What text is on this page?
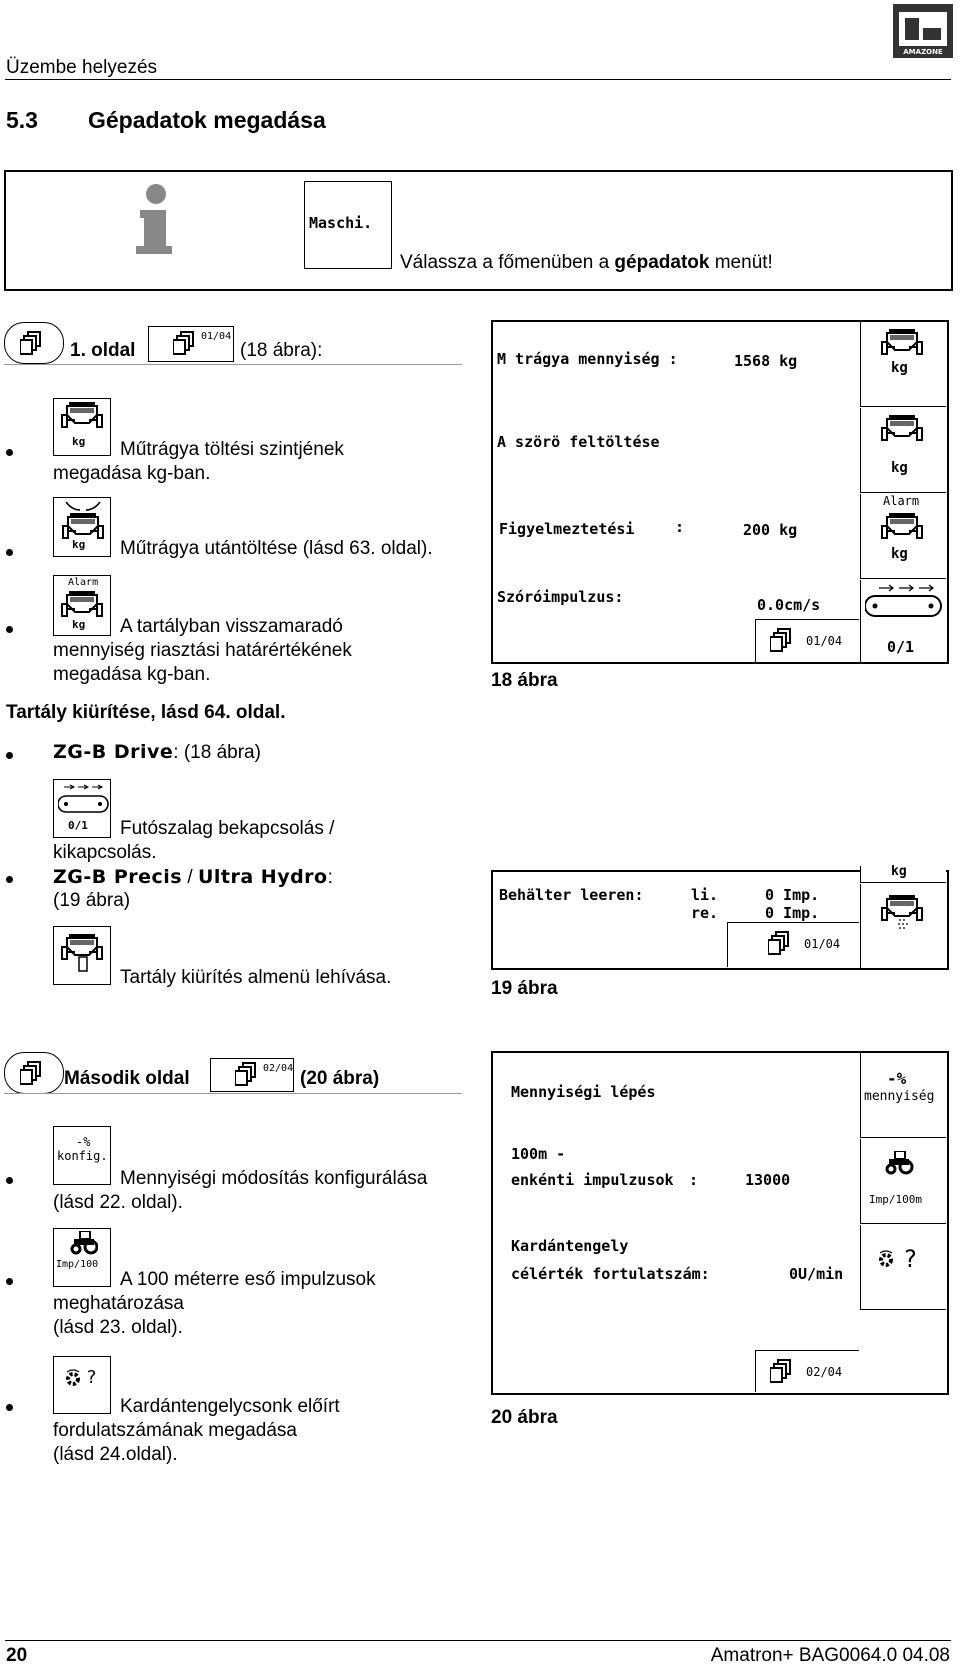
Üzembe helyezés
AMAZONE
5.3 Gépadatok megadása
Maschi.
Válassza a főmenüben a gépadatok menüt!
1. oldal
01/04
(18 ábra):
kg Műtrágya töltési szintjének
megadása kg-ban.
kg Műtrágya utántöltése (lásd 63. oldal).
Alarm
kg A tartályban visszamaradó
mennyiség riasztási határértékének
megadása kg-ban.
Tartály kiürítése, lásd 64. oldal.
ZG-B Drive: (18 ábra)
0/1 Futószalag bekapcsolás /
kikapcsolás.
ZG-B Precis / Ultra Hydro:
(19 ábra)
Tartály kiürítés almenü lehívása.
M trágya mennyiség :	1568 kg
A szörö feltöltése
Figyelmeztetési	:	200 kg
Szóróimpulzus:	0.0cm/s
kg
kg
Alarm
kg
0/1
01/04
18 ábra
Behälter leeren:	li.	0 Imp.
re.	0 Imp.
kg
01/04
19 ábra
Második oldal	02/04 (20 ábra)
-%
konfig.
Mennyiségi módosítás konfigurálása
(lásd 22. oldal).
Imp/100
A 100 méterre eső impulzusok
meghatározása
(lásd 23. oldal).
?
Kardántengelycsonk előírt
fordulatszámának megadása
(lásd 24.oldal).
Mennyiségi lépés
100m -
enkénti impulzusok :	13000
Kardántengely
célérték fortulatszám:	0U/min
-%
mennyiség
Imp/100m
?
02/04
20 ábra
20	Amatron+ BAG0064.0 04.08
